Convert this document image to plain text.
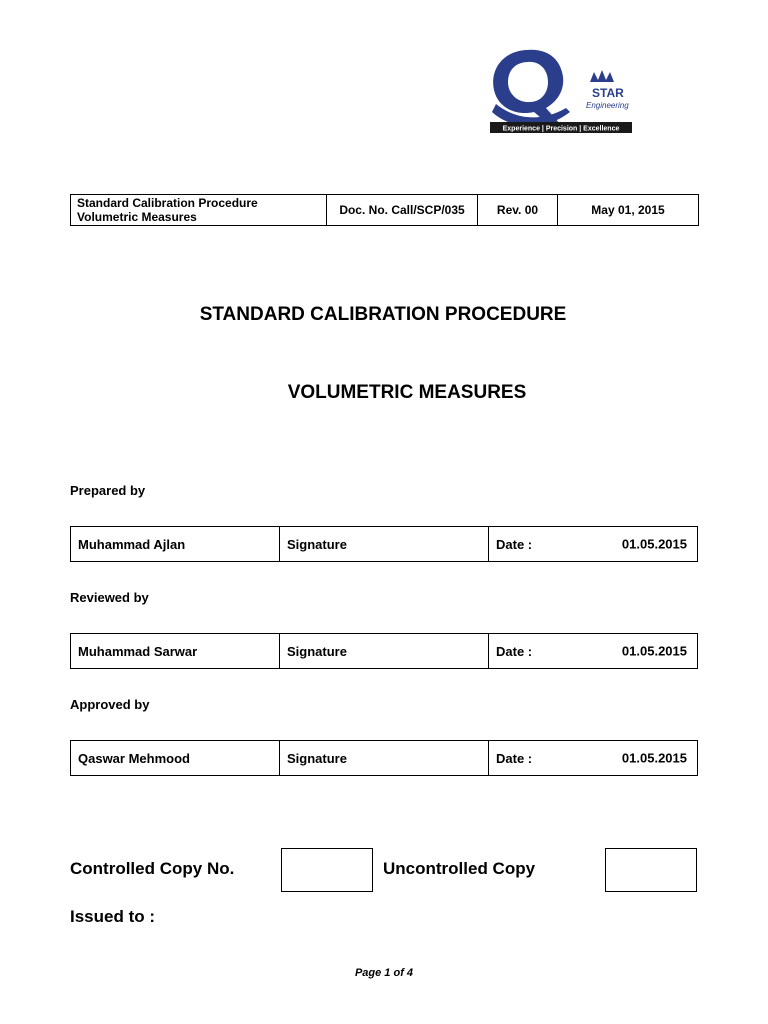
STAR
Engineering
Experience | Precision | Excellence
Standard Calibration Procedure
Volumetric Measures	Doc. No. Call/SCP/035	Rev. 00	May 01, 2015
STANDARD CALIBRATION PROCEDURE
VOLUMETRIC MEASURES
Prepared by
Muhammad Ajlan	Signature	Date :	01.05.2015
Reviewed by
Muhammad Sarwar	Signature	Date :	01.05.2015
Approved by
Qaswar Mehmood	Signature	Date :	01.05.2015
Controlled Copy No.	Uncontrolled Copy
Issued to :
Page 1 of 4
